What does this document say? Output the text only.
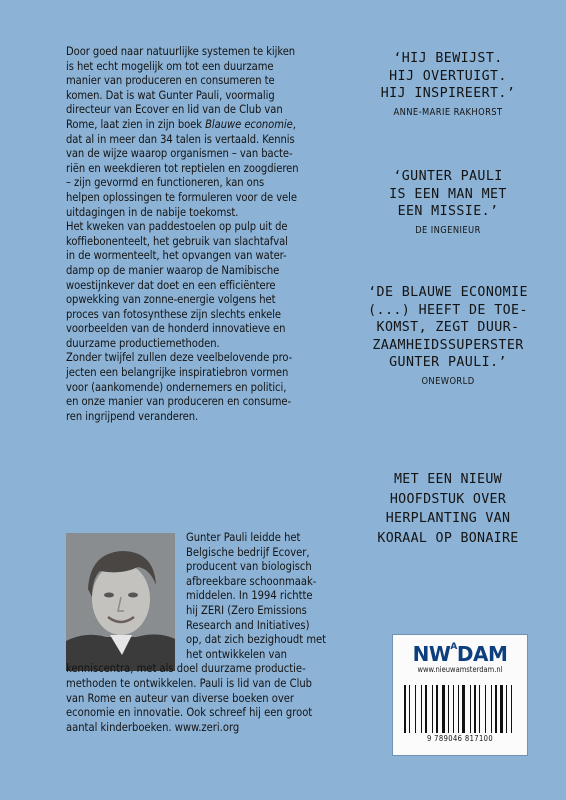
Door goed naar natuurlijke systemen te kijken

is het echt mogelijk om tot een duurzame

manier van produceren en consumeren te

komen. Dat is wat Gunter Pauli, voormalig

directeur van Ecover en lid van de Club van

Rome, laat zien in zijn boek Blauwe economie,

dat al in meer dan 34 talen is vertaald. Kennis

van de wijze waarop organismen – van bacte-

riën en weekdieren tot reptielen en zoogdieren

– zijn gevormd en functioneren, kan ons

helpen oplossingen te formuleren voor de vele

uitdagingen in de nabije toekomst.

Het kweken van paddestoelen op pulp uit de

koffiebonenteelt, het gebruik van slachtafval

in de wormenteelt, het opvangen van water-

damp op de manier waarop de Namibische

woestijnkever dat doet en een efficiëntere

opwekking van zonne-energie volgens het

proces van fotosynthese zijn slechts enkele

voorbeelden van de honderd innovatieve en

duurzame productiemethoden.

Zonder twijfel zullen deze veelbelovende pro-

jecten een belangrijke inspiratiebron vormen

voor (aankomende) ondernemers en politici,

en onze manier van produceren en consume-

ren ingrijpend veranderen.

‘HIJ BEWIJST.

HIJ OVERTUIGT.

HIJ INSPIREERT.’

ANNE-MARIE RAKHORST

‘GUNTER PAULI

IS EEN MAN MET

EEN MISSIE.’

DE INGENIEUR

‘DE BLAUWE ECONOMIE

(...) HEEFT DE TOE-

KOMST, ZEGT DUUR-

ZAAMHEIDSSUPERSTER

GUNTER PAULI.’

ONEWORLD
MET EEN NIEUW
HOOFDSTUK OVER
HERPLANTING VAN
KORAAL OP BONAIRE
Gunter Pauli leidde het
Belgische bedrijf Ecover,
producent van biologisch
afbreekbare schoonmaak-
middelen. In 1994 richtte
hij ZERI (Zero Emissions
Research and Initiatives)
op, dat zich bezighoudt met
het ontwikkelen van
kenniscentra, met als doel duurzame productie-
methoden te ontwikkelen. Pauli is lid van de Club
van Rome en auteur van diverse boeken over
economie en innovatie. Ook schreef hij een groot
aantal kinderboeken. www.zeri.org
$NW^ADAM$
www.nieuwamsterdam.nl
9 789046 817100
